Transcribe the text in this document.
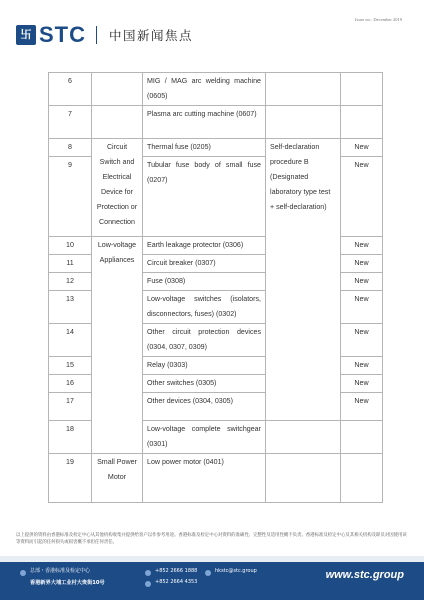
Issue no.: December 2019
卐 STC 中国新闻焦点
6		MIG / MAG arc welding machine (0605)		
7		Plasma arc cutting machine (0607)		
8	Circuit Switch and Electrical Device for Protection or Connection	Thermal fuse (0205)	Self-declaration procedure B (Designated laboratory type test + self-declaration)	New
9		Tubular fuse body of small fuse (0207)		New
10	Low-voltage Appliances	Earth leakage protector (0306)		New
11		Circuit breaker (0307)		New
12		Fuse (0308)		New
13		Low-voltage switches (isolators, disconnectors, fuses) (0302)		New
14		Other circuit protection devices (0304, 0307, 0309)		New
15		Relay (0303)		New
16		Other switches (0305)		New
17		Other devices (0304, 0305)		New
18		Low-voltage complete switchgear (0301)		
19	Small Power Motor	Low power motor (0401)		
以上提供的资料由香港标准及检定中心从其他机构收集并提供给客户以作参考用途。香港标准及检定中心对资料的准确性、完整性及适用性概不负责。香港标准及检定中心及其相关机构及职员对因使用该等资料而引起的任何损失或损害概不承担任何责任。
总部・香港标准及检定中心
香港新界大埔工业村大贵街10号
+852 2666 1888
+852 2664 4353
hkstc@stc.group	www.stc.group
